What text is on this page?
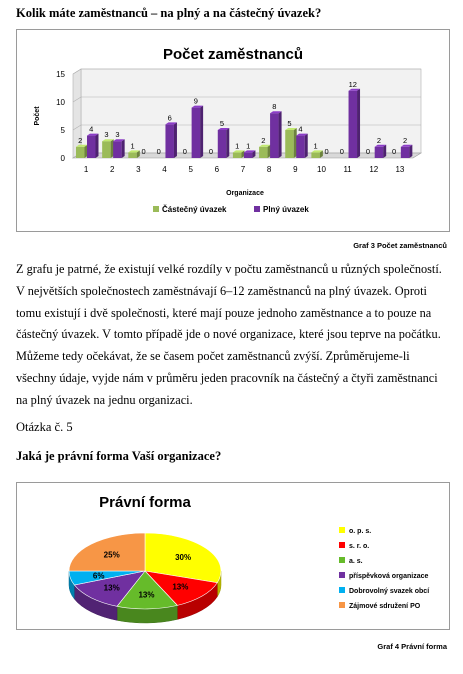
Kolik máte zaměstnanců – na plný a na částečný úvazek?
Počet zaměstnanců
0
5
10
15
Počet
1
2
4
2
3 3
3
1
0
4
0
6
5
0
9
6
0
5
7
1 1
8
2
8
9
5
4
10
1
0
11
0
12
12
0
2
13
0
2
Organizace
Částečný úvazek	Plný úvazek
Graf 3 Počet zaměstnanců
Z grafu je patrné, že existují velké rozdíly v počtu zaměstnanců u různých společností.
V největších společnostech zaměstnávají 6–12 zaměstnanců na plný úvazek. Oproti
tomu existují i dvě společnosti, které mají pouze jednoho zaměstnance a to pouze na
částečný úvazek. V tomto případě jde o nové organizace, které jsou teprve na počátku.
Můžeme tedy očekávat, že se časem počet zaměstnanců zvýší. Zprůměrujeme-li
všechny údaje, vyjde nám v průměru jeden pracovník na částečný a čtyři zaměstnanci
na plný úvazek na jednu organizaci.
Otázka č. 5
Jaká je právní forma Vaší organizace?
Právní forma
30%
13%
13%
13%
6%
25%
o. p. s.
s. r. o.
a. s.
příspěvková organizace
Dobrovolný svazek obcí
Zájmové sdružení PO
Graf 4 Právní forma
